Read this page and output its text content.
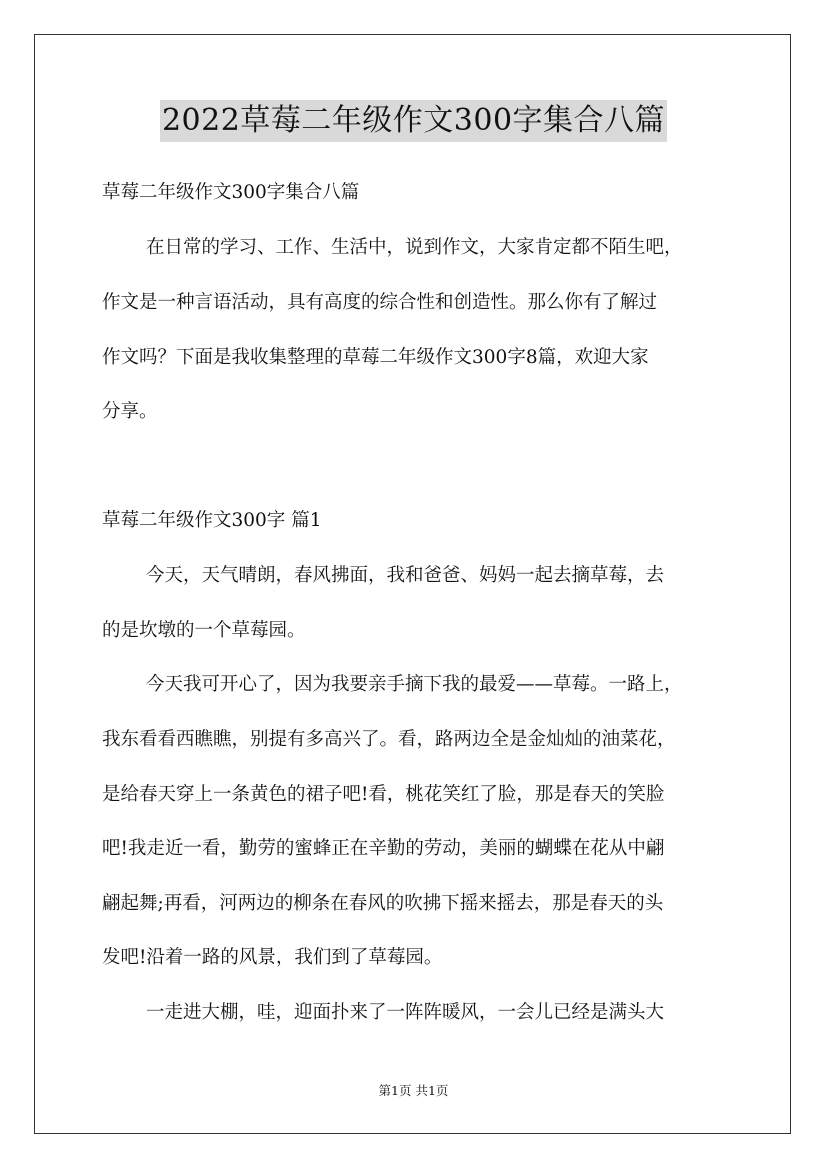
2022草莓二年级作文300字集合八篇
草莓二年级作文300字集合八篇
在日常的学习、工作、生活中，说到作文，大家肯定都不陌生吧，
作文是一种言语活动，具有高度的综合性和创造性。那么你有了解过
作文吗？下面是我收集整理的草莓二年级作文300字8篇，欢迎大家
分享。
草莓二年级作文300字 篇1
今天，天气晴朗，春风拂面，我和爸爸、妈妈一起去摘草莓，去
的是坎墩的一个草莓园。
今天我可开心了，因为我要亲手摘下我的最爱——草莓。一路上，
我东看看西瞧瞧，别提有多高兴了。看，路两边全是金灿灿的油菜花，
是给春天穿上一条黄色的裙子吧!看，桃花笑红了脸，那是春天的笑脸
吧!我走近一看，勤劳的蜜蜂正在辛勤的劳动，美丽的蝴蝶在花从中翩
翩起舞;再看，河两边的柳条在春风的吹拂下摇来摇去，那是春天的头
发吧!沿着一路的风景，我们到了草莓园。
一走进大棚，哇，迎面扑来了一阵阵暖风，一会儿已经是满头大
第1页 共1页
